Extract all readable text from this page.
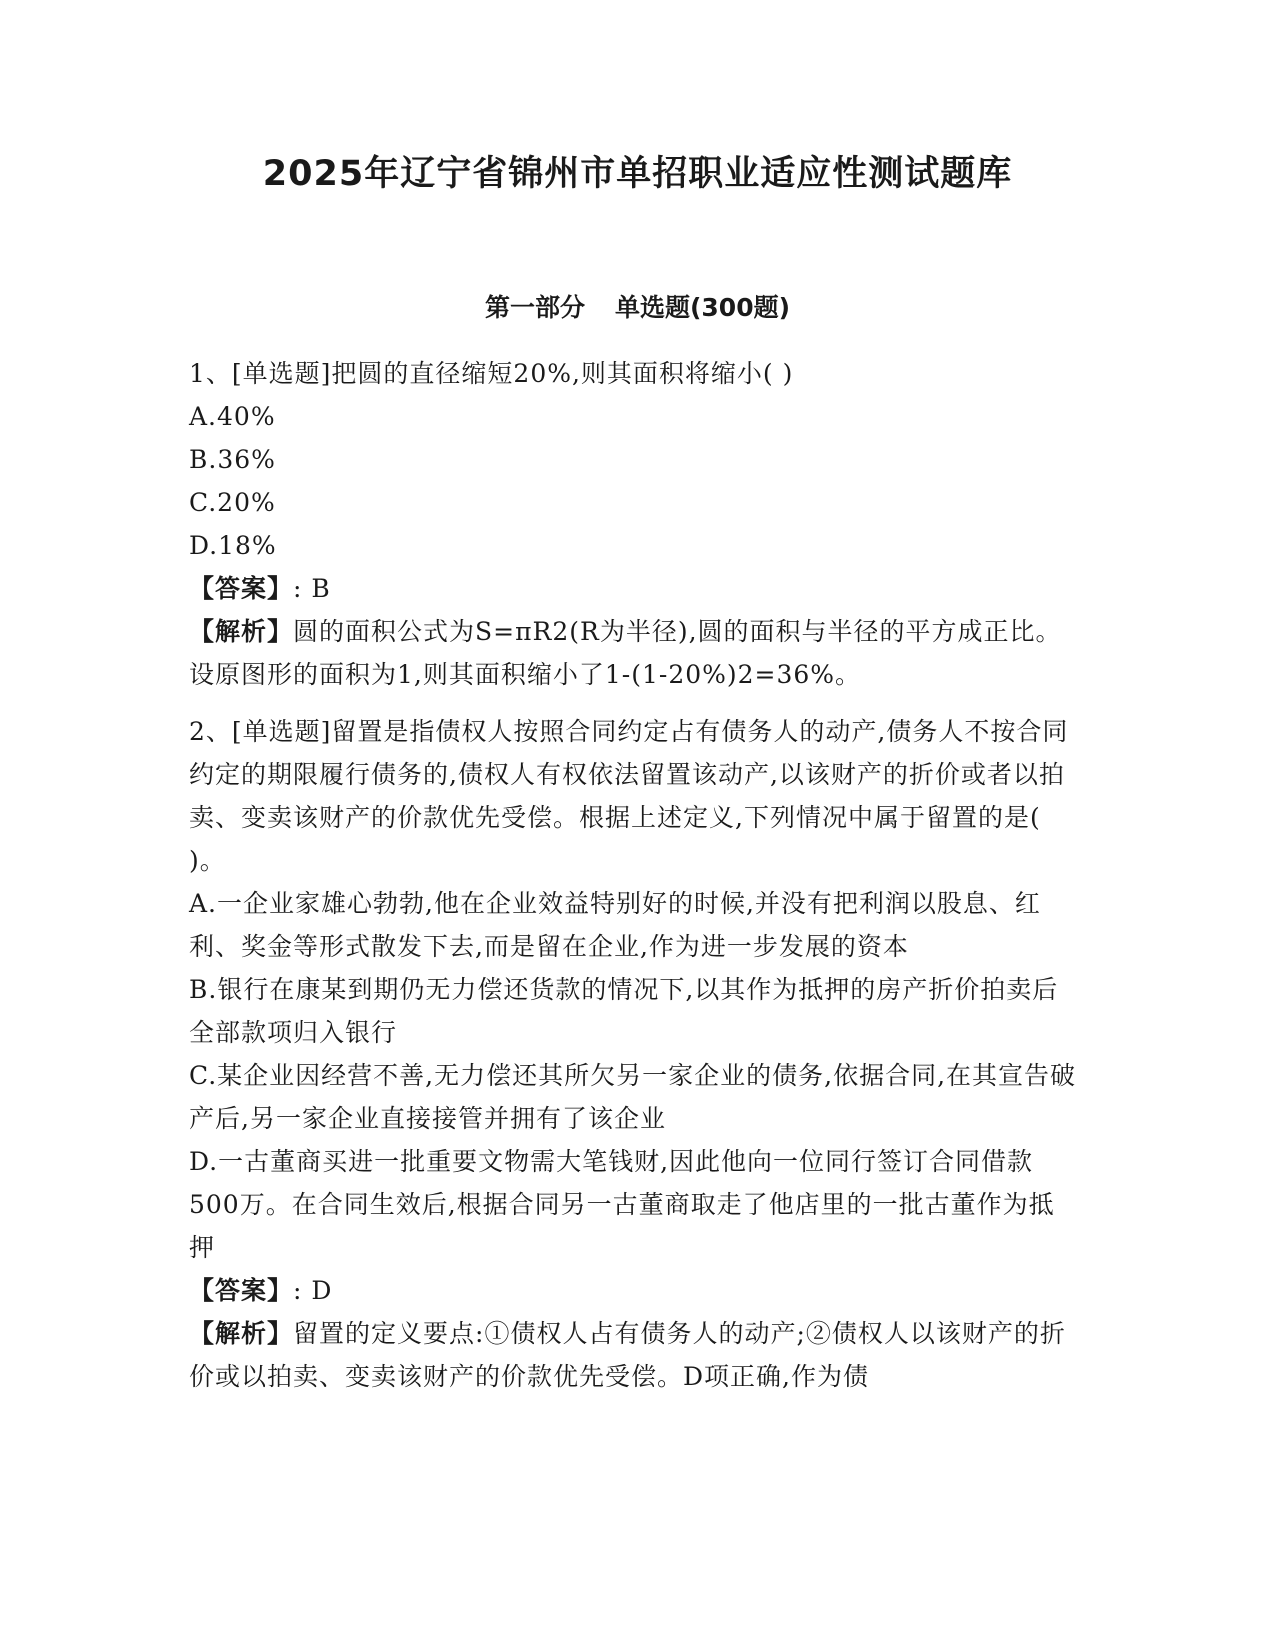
2025年辽宁省锦州市单招职业适应性测试题库
第一部分 单选题(300题)

1、[单选题]把圆的直径缩短20%,则其面积将缩小( )

A.40%

B.36%

C.20%

D.18%

【答案】: B

【解析】圆的面积公式为S=πR2(R为半径),圆的面积与半径的平方成正比。设原图形的面积为1,则其面积缩小了1-(1-20%)2=36%。

2、[单选题]留置是指债权人按照合同约定占有债务人的动产,债务人不按合同约定的期限履行债务的,债权人有权依法留置该动产,以该财产的折价或者以拍卖、变卖该财产的价款优先受偿。根据上述定义,下列情况中属于留置的是( )。

A.一企业家雄心勃勃,他在企业效益特别好的时候,并没有把利润以股息、红利、奖金等形式散发下去,而是留在企业,作为进一步发展的资本

B.银行在康某到期仍无力偿还货款的情况下,以其作为抵押的房产折价拍卖后全部款项归入银行

C.某企业因经营不善,无力偿还其所欠另一家企业的债务,依据合同,在其宣告破产后,另一家企业直接接管并拥有了该企业

D.一古董商买进一批重要文物需大笔钱财,因此他向一位同行签订合同借款500万。在合同生效后,根据合同另一古董商取走了他店里的一批古董作为抵押

【答案】: D

【解析】留置的定义要点:①债权人占有债务人的动产;②债权人以该财产的折价或以拍卖、变卖该财产的价款优先受偿。D项正确,作为债
